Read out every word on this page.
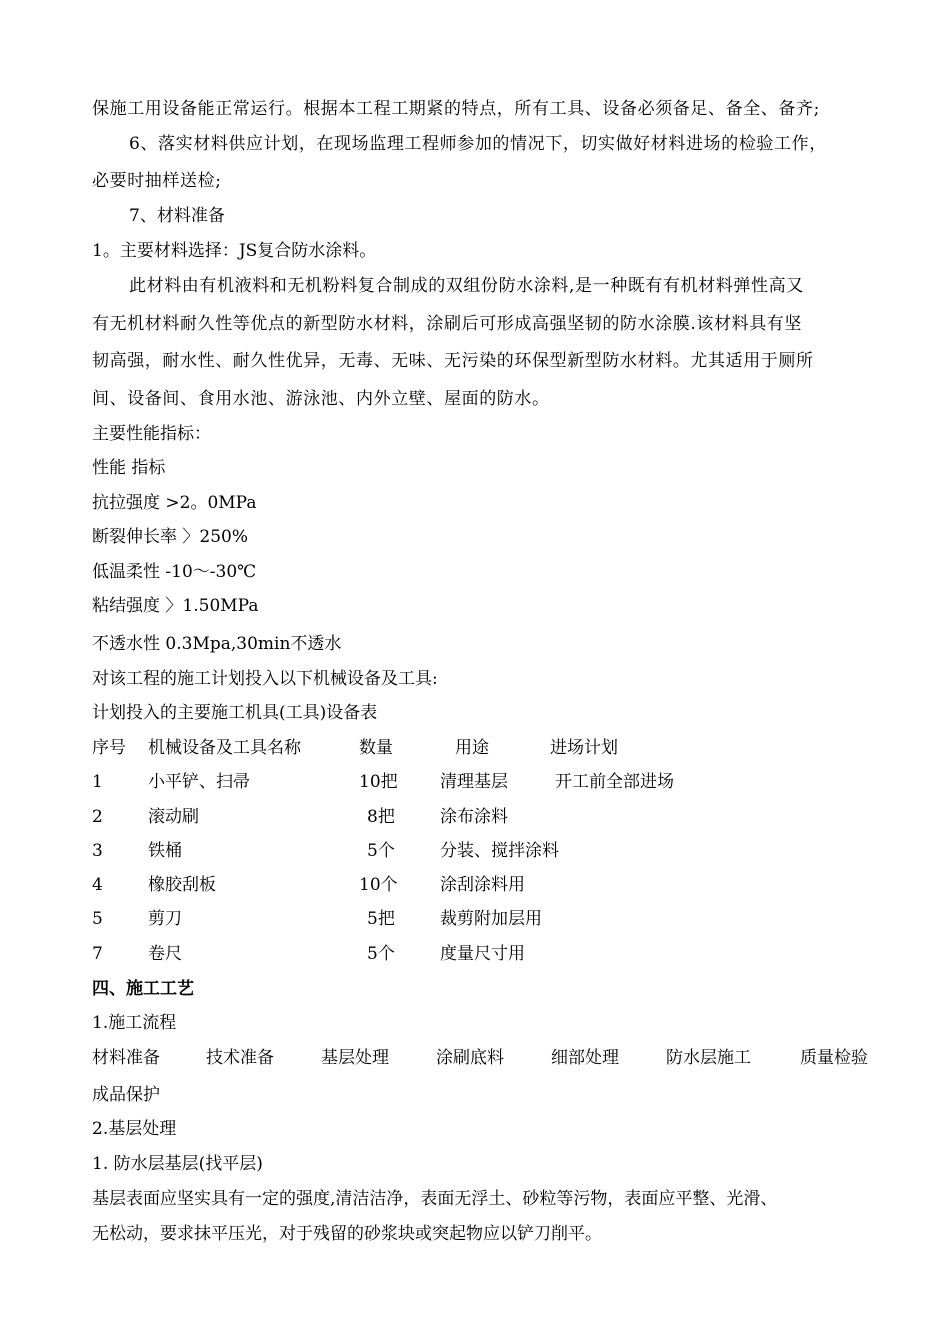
保施工用设备能正常运行。根据本工程工期紧的特点，所有工具、设备必须备足、备全、备齐;
6、落实材料供应计划，在现场监理工程师参加的情况下，切实做好材料进场的检验工作，
必要时抽样送检;
7、材料准备
1。主要材料选择：JS复合防水涂料。
此材料由有机液料和无机粉料复合制成的双组份防水涂料,是一种既有有机材料弹性高又
有无机材料耐久性等优点的新型防水材料，涂刷后可形成高强坚韧的防水涂膜.该材料具有坚
韧高强，耐水性、耐久性优异，无毒、无味、无污染的环保型新型防水材料。尤其适用于厕所
间、设备间、食用水池、游泳池、内外立壁、屋面的防水。
主要性能指标：
性能 指标
抗拉强度 >2。0MPa
断裂伸长率 〉250%
低温柔性 -10～-30℃
粘结强度 〉1.50MPa
不透水性 0.3Mpa,30min不透水
对该工程的施工计划投入以下机械设备及工具:
计划投入的主要施工机具(工具)设备表
序号 机械设备及工具名称	数量	用途	进场计划
1	小平铲、扫帚	10把 清理基层	开工前全部进场
2	滚动刷	8把	涂布涂料
3	铁桶	5个	分装、搅拌涂料
4	橡胶刮板	10个 涂刮涂料用
5	剪刀	5把	裁剪附加层用
7	卷尺	5个	度量尺寸用
四、施工工艺
1.施工流程
材料准备	技术准备	基层处理	涂刷底料	细部处理	防水层施工	质量检验
成品保护
2.基层处理
1. 防水层基层(找平层)
基层表面应坚实具有一定的强度,清洁洁净，表面无浮土、砂粒等污物，表面应平整、光滑、
无松动，要求抹平压光，对于残留的砂浆块或突起物应以铲刀削平。
